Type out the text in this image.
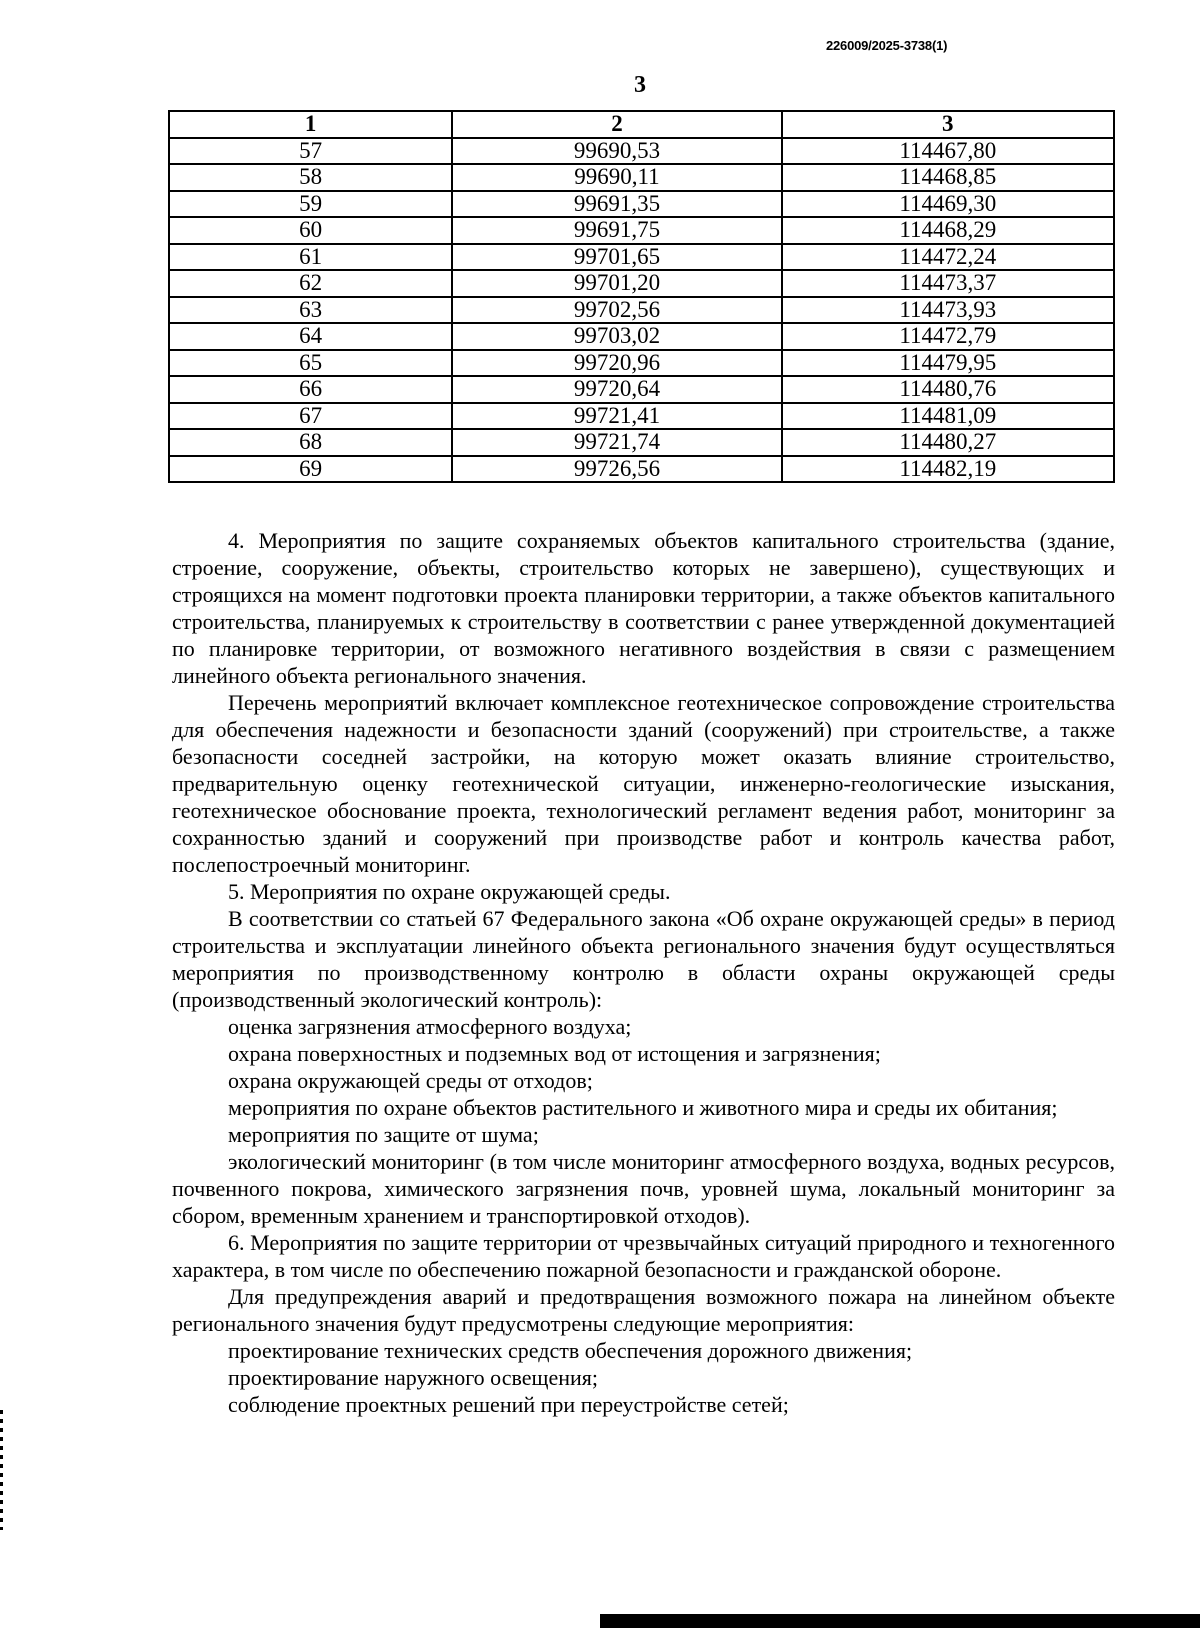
226009/2025-3738(1)
3
1	2	3
57	99690,53	114467,80
58	99690,11	114468,85
59	99691,35	114469,30
60	99691,75	114468,29
61	99701,65	114472,24
62	99701,20	114473,37
63	99702,56	114473,93
64	99703,02	114472,79
65	99720,96	114479,95
66	99720,64	114480,76
67	99721,41	114481,09
68	99721,74	114480,27
69	99726,56	114482,19

4. Мероприятия по защите сохраняемых объектов капитального строительства (здание, строение, сооружение, объекты, строительство которых не завершено), существующих и строящихся на момент подготовки проекта планировки территории, а также объектов капитального строительства, планируемых к строительству в соответствии с ранее утвержденной документацией по планировке территории, от возможного негативного воздействия в связи с размещением линейного объекта регионального значения.

Перечень мероприятий включает комплексное геотехническое сопровождение строительства для обеспечения надежности и безопасности зданий (сооружений) при строительстве, а также безопасности соседней застройки, на которую может оказать влияние строительство, предварительную оценку геотехнической ситуации, инженерно-геологические изыскания, геотехническое обоснование проекта, технологический регламент ведения работ, мониторинг за сохранностью зданий и сооружений при производстве работ и контроль качества работ, послепостроечный мониторинг.

5. Мероприятия по охране окружающей среды.

В соответствии со статьей 67 Федерального закона «Об охране окружающей среды» в период строительства и эксплуатации линейного объекта регионального значения будут осуществляться мероприятия по производственному контролю в области охраны окружающей среды (производственный экологический контроль):

оценка загрязнения атмосферного воздуха;

охрана поверхностных и подземных вод от истощения и загрязнения;

охрана окружающей среды от отходов;

мероприятия по охране объектов растительного и животного мира и среды их обитания;

мероприятия по защите от шума;

экологический мониторинг (в том числе мониторинг атмосферного воздуха, водных ресурсов, почвенного покрова, химического загрязнения почв, уровней шума, локальный мониторинг за сбором, временным хранением и транспортировкой отходов).

6. Мероприятия по защите территории от чрезвычайных ситуаций природного и техногенного характера, в том числе по обеспечению пожарной безопасности и гражданской обороне.

Для предупреждения аварий и предотвращения возможного пожара на линейном объекте регионального значения будут предусмотрены следующие мероприятия:

проектирование технических средств обеспечения дорожного движения;

проектирование наружного освещения;

соблюдение проектных решений при переустройстве сетей;
